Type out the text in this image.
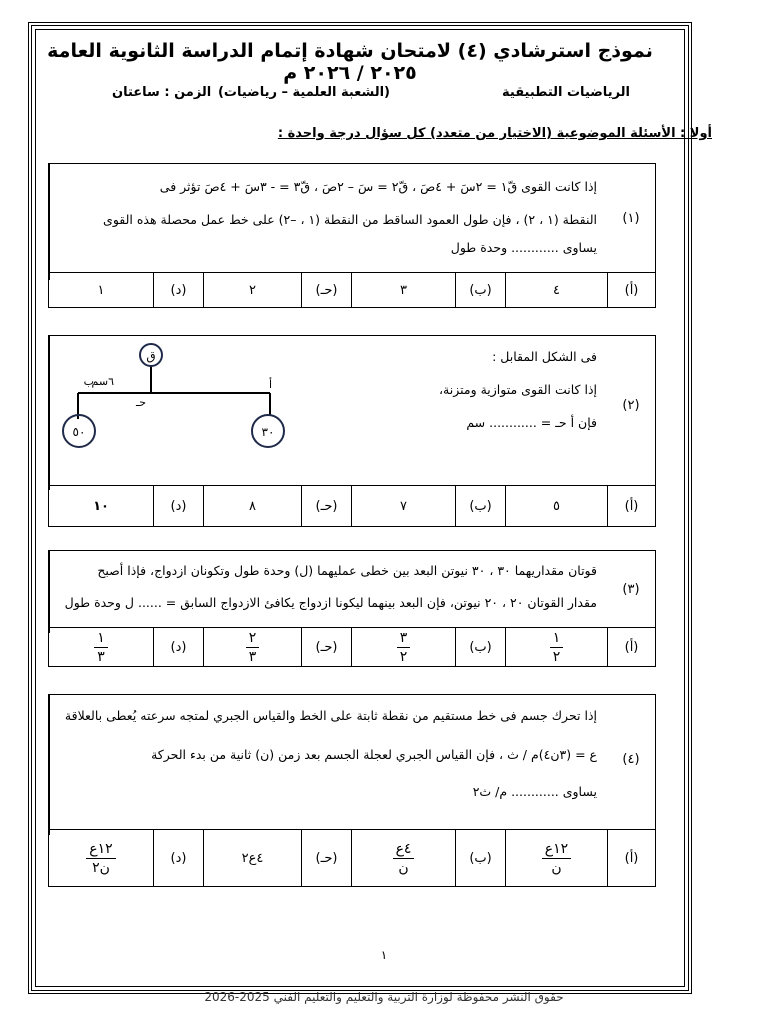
نموذج استرشادي (٤) لامتحان شهادة إتمام الدراسة الثانوية العامة ٢٠٢٥ / ٢٠٢٦ م
الرياضيات التطبيقية
(الشعبة العلمية – رياضيات)
الزمن : ساعتان
أولا : الأسئلة الموضوعية (الاختيار من متعدد) كل سؤال درجة واحدة :
إذا كانت القوى قّ١ = ٢سَ + ٤صَ ، قّ٢ = سَ – ٢صَ ، قّ٣ = - ٣سَ + ٤صَ تؤثر فى
النقطة (١ ، ٢) ، فإن طول العمود الساقط من النقطة (١ ، –٢) على خط عمل محصلة هذه القوى
يساوى ............ وحدة طول
(١)
(أ)
٤
(ب)
٣
(حـ)
٢
(د)
١
فى الشكل المقابل :
إذا كانت القوى متوازية ومتزنة،
فإن أ حـ = ............ سم
ق
٥٠	٣٠
ب	أ
حـ
٦سم
(٢)
(أ)
٥
(ب)
٧
(حـ)
٨
(د)
١٠
قوتان مقداريهما ٣٠ ، ٣٠ نيوتن البعد بين خطى عمليهما (ل) وحدة طول وتكونان ازدواج، فإذا أصبح
مقدار القوتان ٢٠ ، ٢٠ نيوتن، فإن البعد بينهما ليكونا ازدواج يكافئ الازدواج السابق = ...... ل وحدة طول
(٣)
(أ)
$\frac{١}{٢}$
(ب)
$\frac{٣}{٢}$
(حـ)
$\frac{٢}{٣}$
(د)
$\frac{١}{٣}$
إذا تحرك جسم فى خط مستقيم من نقطة ثابتة على الخط والقياس الجبري لمتجه سرعته يُعطى بالعلاقة
ع = (٣ن٤)م / ث ، فإن القياس الجبري لعجلة الجسم بعد زمن (ن) ثانية من بدء الحركة
يساوى ............ م/ ث٢
(٤)
(أ)
$\frac{\text{١٢ع}}{\text{ن}}$
(ب)
$\frac{\text{٤ع}}{\text{ن}}$
(حـ)
٤ع٢
(د)
$\frac{\text{١٢ع}}{\text{ن٢}}$
١
حقوق النشر محفوظة لوزارة التربية والتعليم والتعليم الفني 2025-2026
